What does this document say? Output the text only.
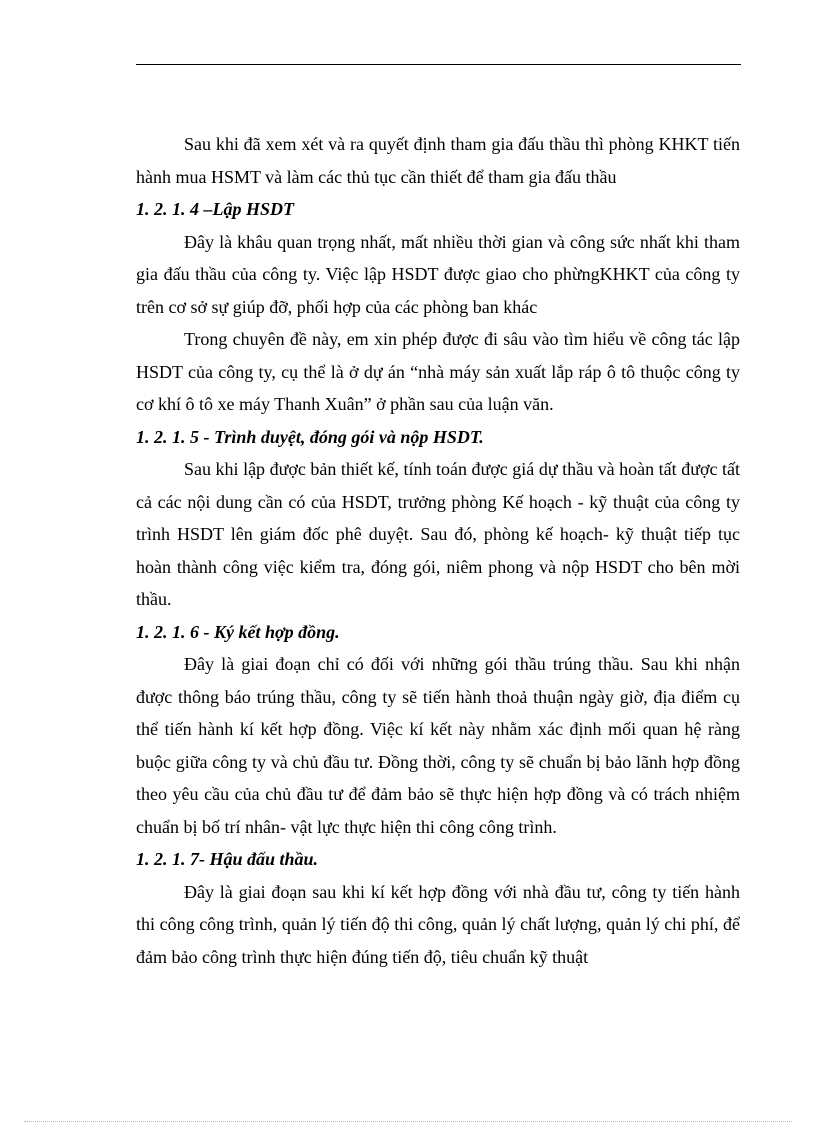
Sau khi đã xem xét và ra quyết định tham gia đấu thầu thì phòng KHKT tiến hành mua HSMT và làm các thủ tục cần thiết để tham gia đấu thầu

1. 2. 1. 4 –Lập HSDT

Đây là khâu quan trọng nhất, mất nhiều thời gian và công sức nhất khi tham gia đấu thầu của công ty. Việc lập HSDT được giao cho phừngKHKT của công ty trên cơ sở sự giúp đỡ, phối hợp của các phòng ban khác

Trong chuyên đề này, em xin phép được đi sâu vào tìm hiểu về công tác lập HSDT của công ty, cụ thể là ở dự án “nhà máy sản xuất lắp ráp ô tô thuộc công ty cơ khí ô tô xe máy Thanh Xuân” ở phần sau của luận văn.

1. 2. 1. 5 - Trình duyệt, đóng gói và nộp HSDT.

Sau khi lập được bản thiết kế, tính toán được giá dự thầu và hoàn tất được tất cả các nội dung cần có của HSDT, trưởng phòng Kế hoạch - kỹ thuật của công ty trình HSDT lên giám đốc phê duyệt. Sau đó, phòng kế hoạch- kỹ thuật tiếp tục hoàn thành công việc kiểm tra, đóng gói, niêm phong và nộp HSDT cho bên mời thầu.

1. 2. 1. 6 - Ký kết hợp đồng.

Đây là giai đoạn chỉ có đối với những gói thầu trúng thầu. Sau khi nhận được thông báo trúng thầu, công ty sẽ tiến hành thoả thuận ngày giờ, địa điểm cụ thể tiến hành kí kết hợp đồng. Việc kí kết này nhằm xác định mối quan hệ ràng buộc giữa công ty và chủ đầu tư. Đồng thời, công ty sẽ chuẩn bị bảo lãnh hợp đồng theo yêu cầu của chủ đầu tư để đảm bảo sẽ thực hiện hợp đồng và có trách nhiệm chuẩn bị bố trí nhân- vật lực thực hiện thi công công trình.

1. 2. 1. 7- Hậu đấu thầu.

Đây là giai đoạn sau khi kí kết hợp đồng với nhà đầu tư, công ty tiến hành thi công công trình, quản lý tiến độ thi công, quản lý chất lượng, quản lý chi phí, để đảm bảo công trình thực hiện đúng tiến độ, tiêu chuẩn kỹ thuật
